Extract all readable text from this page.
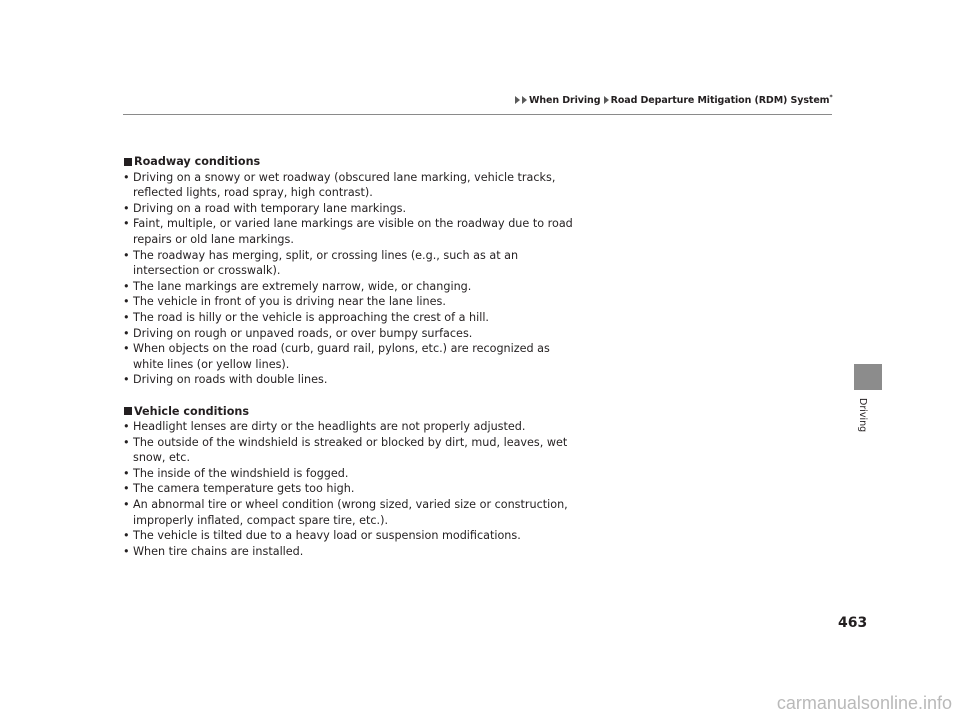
When Driving Road Departure Mitigation (RDM) System*
Driving
Roadway conditions
• Driving on a snowy or wet roadway (obscured lane marking, vehicle tracks, reflected lights, road spray, high contrast).
• Driving on a road with temporary lane markings.
• Faint, multiple, or varied lane markings are visible on the roadway due to road repairs or old lane markings.
• The roadway has merging, split, or crossing lines (e.g., such as at an intersection or crosswalk).
• The lane markings are extremely narrow, wide, or changing.
• The vehicle in front of you is driving near the lane lines.
• The road is hilly or the vehicle is approaching the crest of a hill.
• Driving on rough or unpaved roads, or over bumpy surfaces.
• When objects on the road (curb, guard rail, pylons, etc.) are recognized as white lines (or yellow lines).
• Driving on roads with double lines.
Vehicle conditions
• Headlight lenses are dirty or the headlights are not properly adjusted.
• The outside of the windshield is streaked or blocked by dirt, mud, leaves, wet snow, etc.
• The inside of the windshield is fogged.
• The camera temperature gets too high.
• An abnormal tire or wheel condition (wrong sized, varied size or construction, improperly inflated, compact spare tire, etc.).
• The vehicle is tilted due to a heavy load or suspension modifications.
• When tire chains are installed.
463
carmanualsonline.info
